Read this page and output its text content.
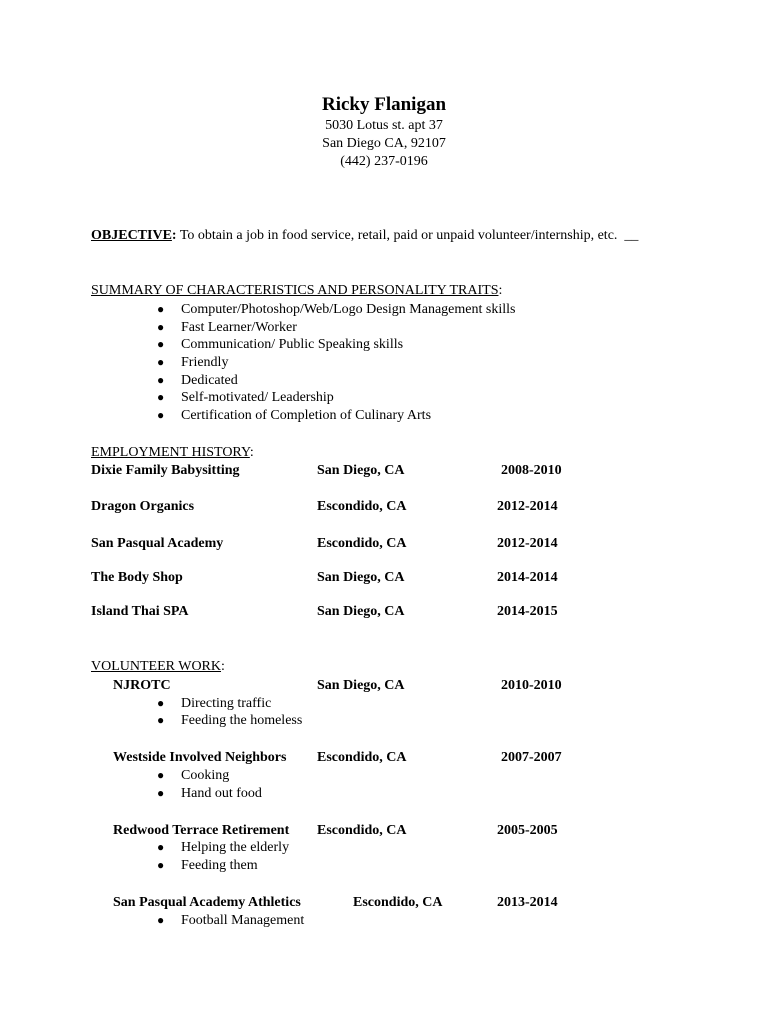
Ricky Flanigan
5030 Lotus st. apt 37
San Diego CA, 92107
(442) 237-0196
OBJECTIVE: To obtain a job in food service, retail, paid or unpaid volunteer/internship, etc. __
SUMMARY OF CHARACTERISTICS AND PERSONALITY TRAITS:
● Computer/Photoshop/Web/Logo Design Management skills
● Fast Learner/Worker
● Communication/ Public Speaking skills
● Friendly
● Dedicated
● Self-motivated/ Leadership
● Certification of Completion of Culinary Arts
EMPLOYMENT HISTORY:
Dixie Family Babysitting	San Diego, CA	2008-2010
Dragon Organics	Escondido, CA	2012-2014
San Pasqual Academy	Escondido, CA	2012-2014
The Body Shop	San Diego, CA	2014-2014
Island Thai SPA	San Diego, CA	2014-2015
VOLUNTEER WORK:
NJROTC	San Diego, CA	2010-2010
● Directing traffic
● Feeding the homeless
Westside Involved Neighbors Escondido, CA	2007-2007
● Cooking
● Hand out food
Redwood Terrace Retirement Escondido, CA	2005-2005
● Helping the elderly
● Feeding them
San Pasqual Academy Athletics	Escondido, CA	2013-2014
● Football Management
